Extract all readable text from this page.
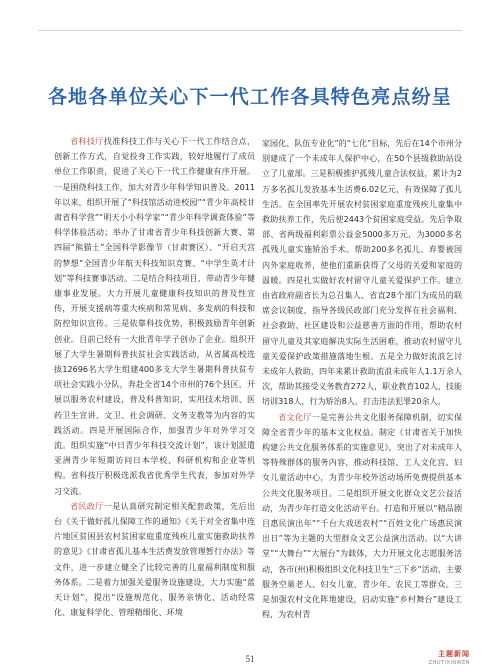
各地各单位关心下一代工作各具特色亮点纷呈

省科技厅找准科技工作与关心下一代工作结合点，创新工作方式，自觉投身工作实践，较好地履行了成员单位工作职责，促进了关心下一代工作健康有序开展。一是围绕科技工作，加大对青少年科学知识普及。2011年以来，组织开展了“科技馆活动进校园”“青少年高校甘肃省科学营”“明天小小科学家”“青少年科学调查体验”等科学体验活动；举办了甘肃省青少年科技创新大赛、第四届“熊猫士”全国科学影像节（甘肃赛区）、“开启天宫的梦想”全国青少年航天科技知识竞赛、“中学生英才计划”等科技赛事活动。二是结合科技项目，带动青少年健康事业发展。大力开展儿童健康科技知识的普及性宣传，开展支援病等重大疾病和常见病、多发病的科技和防控知识宣传。三是依靠科技优势，积极鼓励青年创新创业。目前已经有一大批青年学子创办了企业。组织开展了大学生暑期科普扶贫社会实践活动，从省属高校选拔12696名大学生组建400多支大学生暑期科普扶贫专项社会实践小分队，奔赴全省14个市州的76个县区，开展以服务农村建设，普及科普知识，实用技术培训、医药卫生宣讲、文卫、社会调研、文务支教等为内容的实践活动。四是开展国际合作，加强青少年对外学习交流。组织实施“中日青少年科技交流计划”，该计划派遣亚洲青少年短期访问日本学校、科研机构和企业等机构。省科技厅积极选派我省优秀学生代表，参加对外学习交流。

省民政厅一是认真研究制定相关配套政策，先后出台《关于做好孤儿保障工作的通知》《关于对全省集中连片地区贫困县农村贫困家庭重度残疾儿童实施救助扶养的意见》《甘肃省孤儿基本生活费发放管理暂行办法》等文件，进一步建立健全了比较完善的儿童福利制度和服务体系。二是着力加强关爱服务设施建设，大力实施“蓝天计划”，提出“设施规范化、服务亲情化、活动经常化、康复科学化、管理精细化、环境

家园化、队伍专业化”的“七化”目标，先后在14个市州分别建成了一个未成年人保护中心，在50个县级救助站设立了儿童部。三是积极推护孤残儿童合法权益，累计为2万多名孤儿发放基本生活费6.02亿元，有效保障了孤儿生活。在全国率先开展农村贫困家庭重度残疾儿童集中救助扶养工作，先后使2443个贫困家庭受益。先后争取部、省两级福利彩票公益金5000多万元，为3000多名孤残儿童实施矫治手术。帮助200多名孤儿、弃婴被国内外家庭收养，使他们重新获得了父母的关爱和家庭的温暖。四是扎实做好农村留守儿童关爱保护工作。建立由省政府副省长为总召集人、省直28个部门为成员的联席会议制度，指导各级民政部门充分发挥在社会福利、社会救助、社区建设和公益慈善方面的作用，帮助农村留守儿童及其家庭解决实际生活困难，推动农村留守儿童关爱保护政策措施落地生根。五是全力做好流浪乞讨未成年人救助，四年来累计救助流浪未成年人1.1万余人次，帮助其接受义务教育272人，职业教育102人，技能培训318人，行为矫治8人，打击违法犯罪20余人。

省文化厅一是完善公共文化服务保障机制，切实保障全省青少年的基本文化权益。制定《甘肃省关于加快构建公共文化服务体系的实施意见》，突出了对未成年人等特殊群体的服务内容，推动科技馆、工人文化宫、妇女儿童活动中心，为青少年校外活动场所免费提供基本公共文化服务项目。二是组织开展文化群众文艺公益活动，为青少年打造文化活动平台。打造和开展以“精品剧目惠民演出年”“千台大戏送农村”“百姓文化广场惠民演出日”等为主题的大型群众文艺公益演出活动。以“大讲堂”“大舞台”“大展台”为载体，大力开展文化志愿服务活动，各市(州)积极组织文化科技卫生“三下乡”活动，主要服务空巢老人、妇女儿童、青少年、农民工等群众。三是加强农村文化阵地建设，启动实施“乡村舞台”建设工程，为农村青

51	主题新闻
ZHUTIXINWEN
